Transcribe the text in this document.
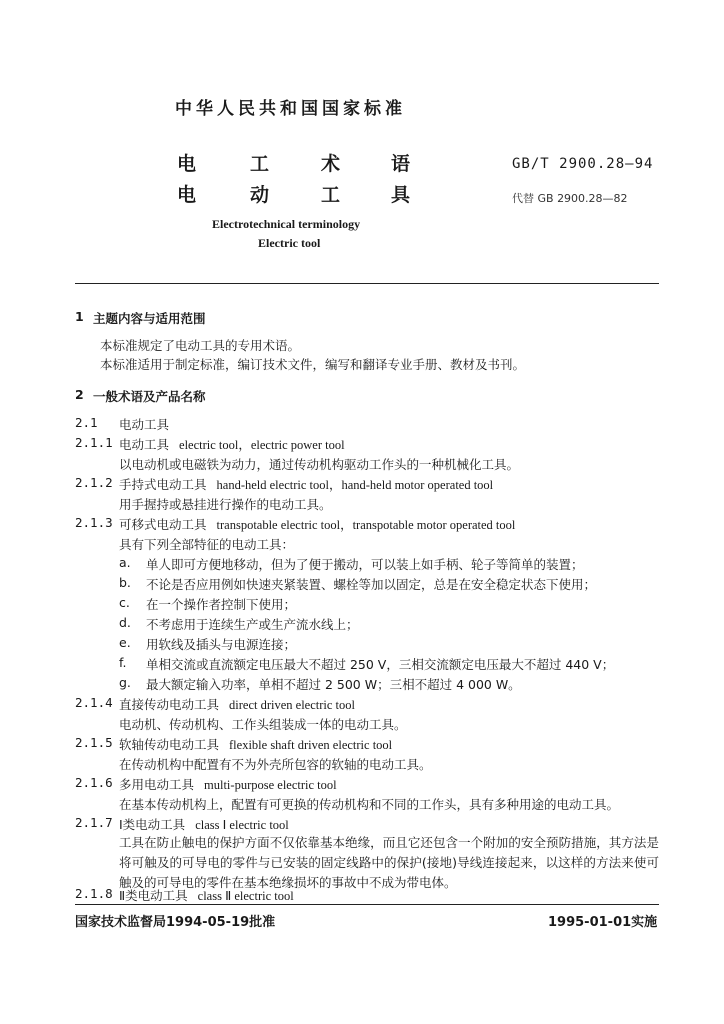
中华人民共和国国家标准
电	工	术	语
电	动	工	具
GB/T 2900.28—94
代替 GB 2900.28—82
Electrotechnical terminology
Electric tool
1 主题内容与适用范围
本标准规定了电动工具的专用术语。
本标准适用于制定标准，编订技术文件，编写和翻译专业手册、教材及书刊。
2 一般术语及产品名称
2.1 电动工具
2.1.1 电动工具 electric tool，electric power tool
以电动机或电磁铁为动力，通过传动机构驱动工作头的一种机械化工具。
2.1.2 手持式电动工具 hand-held electric tool，hand-held motor operated tool
用手握持或悬挂进行操作的电动工具。
2.1.3 可移式电动工具 transpotable electric tool，transpotable motor operated tool
具有下列全部特征的电动工具：
a. 单人即可方便地移动，但为了便于搬动，可以装上如手柄、轮子等简单的装置；
b. 不论是否应用例如快速夹紧装置、螺栓等加以固定，总是在安全稳定状态下使用；
c. 在一个操作者控制下使用；
d. 不考虑用于连续生产或生产流水线上；
e. 用软线及插头与电源连接；
f. 单相交流或直流额定电压最大不超过 250 V，三相交流额定电压最大不超过 440 V；
g. 最大额定输入功率，单相不超过 2 500 W；三相不超过 4 000 W。
2.1.4 直接传动电动工具 direct driven electric tool
电动机、传动机构、工作头组装成一体的电动工具。
2.1.5 软轴传动电动工具 flexible shaft driven electric tool
在传动机构中配置有不为外壳所包容的软轴的电动工具。
2.1.6 多用电动工具 multi-purpose electric tool
在基本传动机构上，配置有可更换的传动机构和不同的工作头，具有多种用途的电动工具。
2.1.7 Ⅰ类电动工具 class Ⅰ electric tool
工具在防止触电的保护方面不仅依靠基本绝缘，而且它还包含一个附加的安全预防措施，其方法是将可触及的可导电的零件与已安装的固定线路中的保护(接地)导线连接起来，以这样的方法来使可触及的可导电的零件在基本绝缘损坏的事故中不成为带电体。
2.1.8 Ⅱ类电动工具 class Ⅱ electric tool
国家技术监督局1994-05-19批准	1995-01-01实施
